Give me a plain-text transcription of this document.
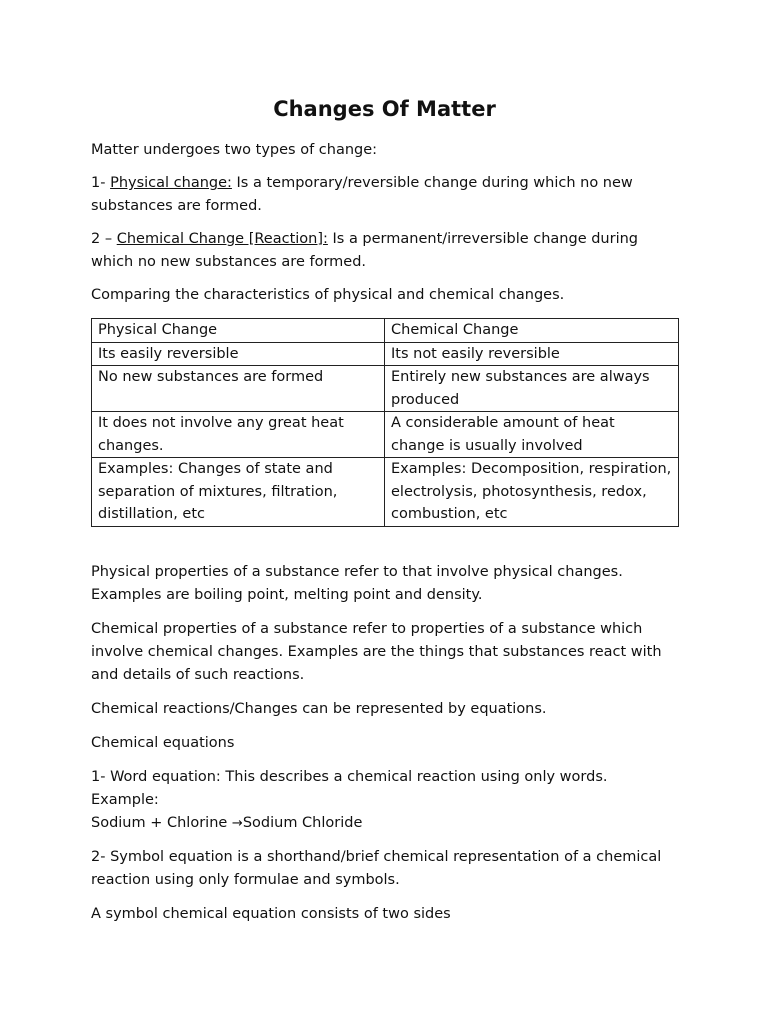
Changes Of Matter

Matter undergoes two types of change:

1- Physical change: Is a temporary/reversible change during which no new substances are formed.

2 – Chemical Change [Reaction]: Is a permanent/irreversible change during which no new substances are formed.

Comparing the characteristics of physical and chemical changes.

Physical Change	Chemical Change
Its easily reversible	Its not easily reversible
No new substances are formed	Entirely new substances are always produced
It does not involve any great heat changes.	A considerable amount of heat change is usually involved
Examples: Changes of state and separation of mixtures, filtration, distillation, etc	Examples: Decomposition, respiration, electrolysis, photosynthesis, redox, combustion, etc

Physical properties of a substance refer to that involve physical changes. Examples are boiling point, melting point and density.

Chemical properties of a substance refer to properties of a substance which involve chemical changes. Examples are the things that substances react with and details of such reactions.

Chemical reactions/Changes can be represented by equations.

Chemical equations

1- Word equation: This describes a chemical reaction using only words. Example:
Sodium + Chlorine →Sodium Chloride

2- Symbol equation is a shorthand/brief chemical representation of a chemical reaction using only formulae and symbols.

A symbol chemical equation consists of two sides
